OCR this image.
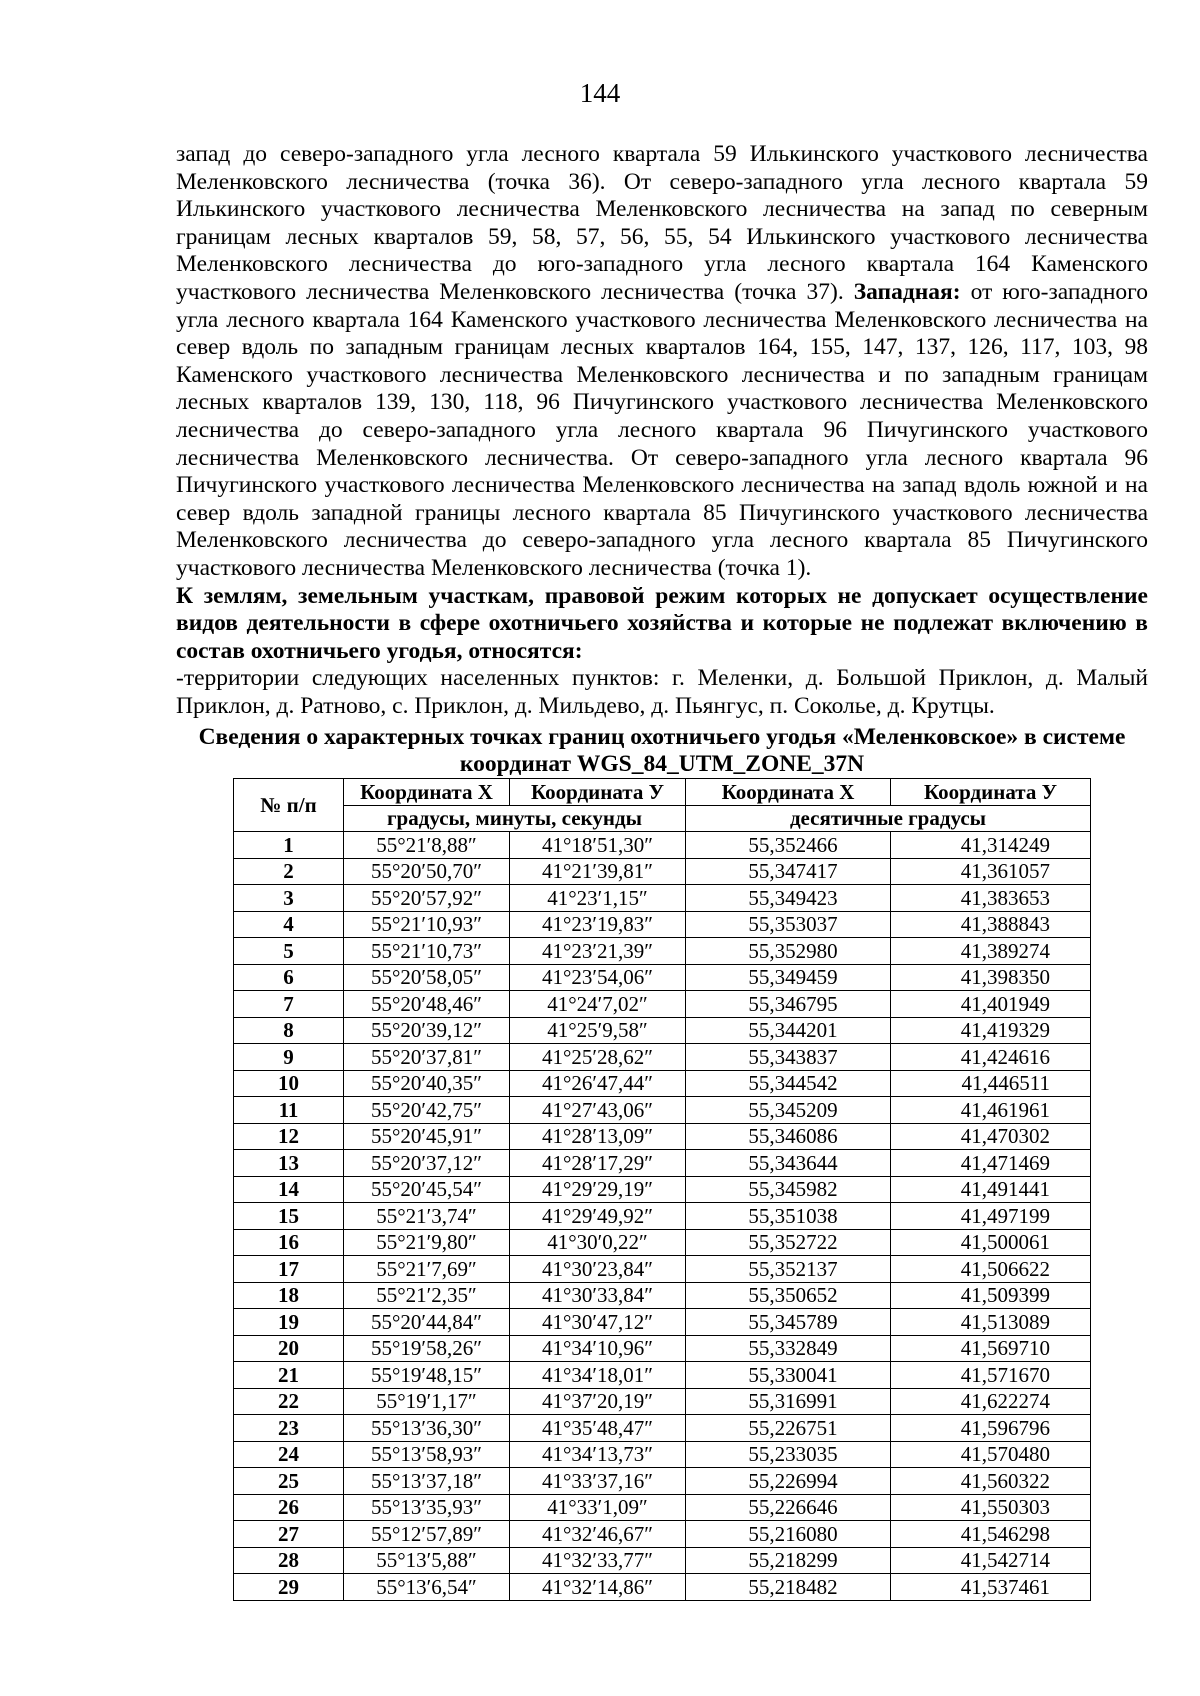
144

запад до северо-западного угла лесного квартала 59 Илькинского участкового лесничества Меленковского лесничества (точка 36). От северо-западного угла лесного квартала 59 Илькинского участкового лесничества Меленковского лесничества на запад по северным границам лесных кварталов 59, 58, 57, 56, 55, 54 Илькинского участкового лесничества Меленковского лесничества до юго-западного угла лесного квартала 164 Каменского участкового лесничества Меленковского лесничества (точка 37). Западная: от юго-западного угла лесного квартала 164 Каменского участкового лесничества Меленковского лесничества на север вдоль по западным границам лесных кварталов 164, 155, 147, 137, 126, 117, 103, 98 Каменского участкового лесничества Меленковского лесничества и по западным границам лесных кварталов 139, 130, 118, 96 Пичугинского участкового лесничества Меленковского лесничества до северо-западного угла лесного квартала 96 Пичугинского участкового лесничества Меленковского лесничества. От северо-западного угла лесного квартала 96 Пичугинского участкового лесничества Меленковского лесничества на запад вдоль южной и на север вдоль западной границы лесного квартала 85 Пичугинского участкового лесничества Меленковского лесничества до северо-западного угла лесного квартала 85 Пичугинского участкового лесничества Меленковского лесничества (точка 1).

К землям, земельным участкам, правовой режим которых не допускает осуществление видов деятельности в сфере охотничьего хозяйства и которые не подлежат включению в состав охотничьего угодья, относятся:

-территории следующих населенных пунктов: г. Меленки, д. Большой Приклон, д. Малый Приклон, д. Ратново, с. Приклон, д. Мильдево, д. Пьянгус, п. Соколье, д. Крутцы.

Сведения о характерных точках границ охотничьего угодья «Меленковское» в системе координат WGS_84_UTM_ZONE_37N
№ п/п	Координата X	Координата У	Координата X	Координата У
	градусы, минуты, секунды		десятичные градусы	
1	55°21′8,88″	41°18′51,30″	55,352466	41,314249
2	55°20′50,70″	41°21′39,81″	55,347417	41,361057
3	55°20′57,92″	41°23′1,15″	55,349423	41,383653
4	55°21′10,93″	41°23′19,83″	55,353037	41,388843
5	55°21′10,73″	41°23′21,39″	55,352980	41,389274
6	55°20′58,05″	41°23′54,06″	55,349459	41,398350
7	55°20′48,46″	41°24′7,02″	55,346795	41,401949
8	55°20′39,12″	41°25′9,58″	55,344201	41,419329
9	55°20′37,81″	41°25′28,62″	55,343837	41,424616
10	55°20′40,35″	41°26′47,44″	55,344542	41,446511
11	55°20′42,75″	41°27′43,06″	55,345209	41,461961
12	55°20′45,91″	41°28′13,09″	55,346086	41,470302
13	55°20′37,12″	41°28′17,29″	55,343644	41,471469
14	55°20′45,54″	41°29′29,19″	55,345982	41,491441
15	55°21′3,74″	41°29′49,92″	55,351038	41,497199
16	55°21′9,80″	41°30′0,22″	55,352722	41,500061
17	55°21′7,69″	41°30′23,84″	55,352137	41,506622
18	55°21′2,35″	41°30′33,84″	55,350652	41,509399
19	55°20′44,84″	41°30′47,12″	55,345789	41,513089
20	55°19′58,26″	41°34′10,96″	55,332849	41,569710
21	55°19′48,15″	41°34′18,01″	55,330041	41,571670
22	55°19′1,17″	41°37′20,19″	55,316991	41,622274
23	55°13′36,30″	41°35′48,47″	55,226751	41,596796
24	55°13′58,93″	41°34′13,73″	55,233035	41,570480
25	55°13′37,18″	41°33′37,16″	55,226994	41,560322
26	55°13′35,93″	41°33′1,09″	55,226646	41,550303
27	55°12′57,89″	41°32′46,67″	55,216080	41,546298
28	55°13′5,88″	41°32′33,77″	55,218299	41,542714
29	55°13′6,54″	41°32′14,86″	55,218482	41,537461
